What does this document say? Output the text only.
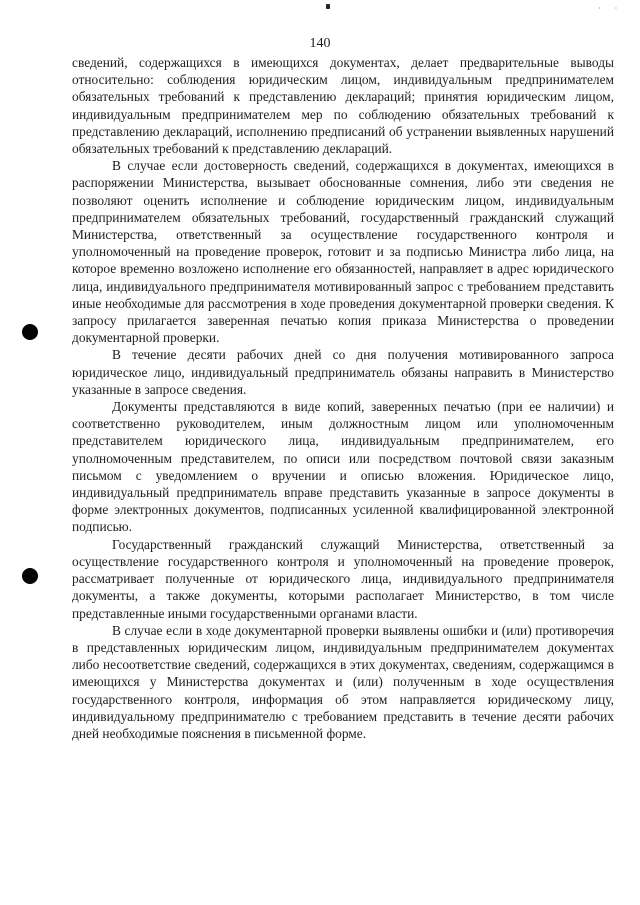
· ·
140

сведений, содержащихся в имеющихся документах, делает предварительные выводы относительно: соблюдения юридическим лицом, индивидуальным предпринимателем обязательных требований к представлению деклараций; принятия юридическим лицом, индивидуальным предпринимателем мер по соблюдению обязательных требований к представлению деклараций, исполнению предписаний об устранении выявленных нарушений обязательных требований к представлению деклараций.

В случае если достоверность сведений, содержащихся в документах, имеющихся в распоряжении Министерства, вызывает обоснованные сомнения, либо эти сведения не позволяют оценить исполнение и соблюдение юридическим лицом, индивидуальным предпринимателем обязательных требований, государственный гражданский служащий Министерства, ответственный за осуществление государственного контроля и уполномоченный на проведение проверок, готовит и за подписью Министра либо лица, на которое временно возложено исполнение его обязанностей, направляет в адрес юридического лица, индивидуального предпринимателя мотивированный запрос с требованием представить иные необходимые для рассмотрения в ходе проведения документарной проверки сведения. К запросу прилагается заверенная печатью копия приказа Министерства о проведении документарной проверки.

В течение десяти рабочих дней со дня получения мотивированного запроса юридическое лицо, индивидуальный предприниматель обязаны направить в Министерство указанные в запросе сведения.

Документы представляются в виде копий, заверенных печатью (при ее наличии) и соответственно руководителем, иным должностным лицом или уполномоченным представителем юридического лица, индивидуальным предпринимателем, его уполномоченным представителем, по описи или посредством почтовой связи заказным письмом с уведомлением о вручении и описью вложения. Юридическое лицо, индивидуальный предприниматель вправе представить указанные в запросе документы в форме электронных документов, подписанных усиленной квалифицированной электронной подписью.

Государственный гражданский служащий Министерства, ответственный за осуществление государственного контроля и уполномоченный на проведение проверок, рассматривает полученные от юридического лица, индивидуального предпринимателя документы, а также документы, которыми располагает Министерство, в том числе представленные иными государственными органами власти.

В случае если в ходе документарной проверки выявлены ошибки и (или) противоречия в представленных юридическим лицом, индивидуальным предпринимателем документах либо несоответствие сведений, содержащихся в этих документах, сведениям, содержащимся в имеющихся у Министерства документах и (или) полученным в ходе осуществления государственного контроля, информация об этом направляется юридическому лицу, индивидуальному предпринимателю с требованием представить в течение десяти рабочих дней необходимые пояснения в письменной форме.
